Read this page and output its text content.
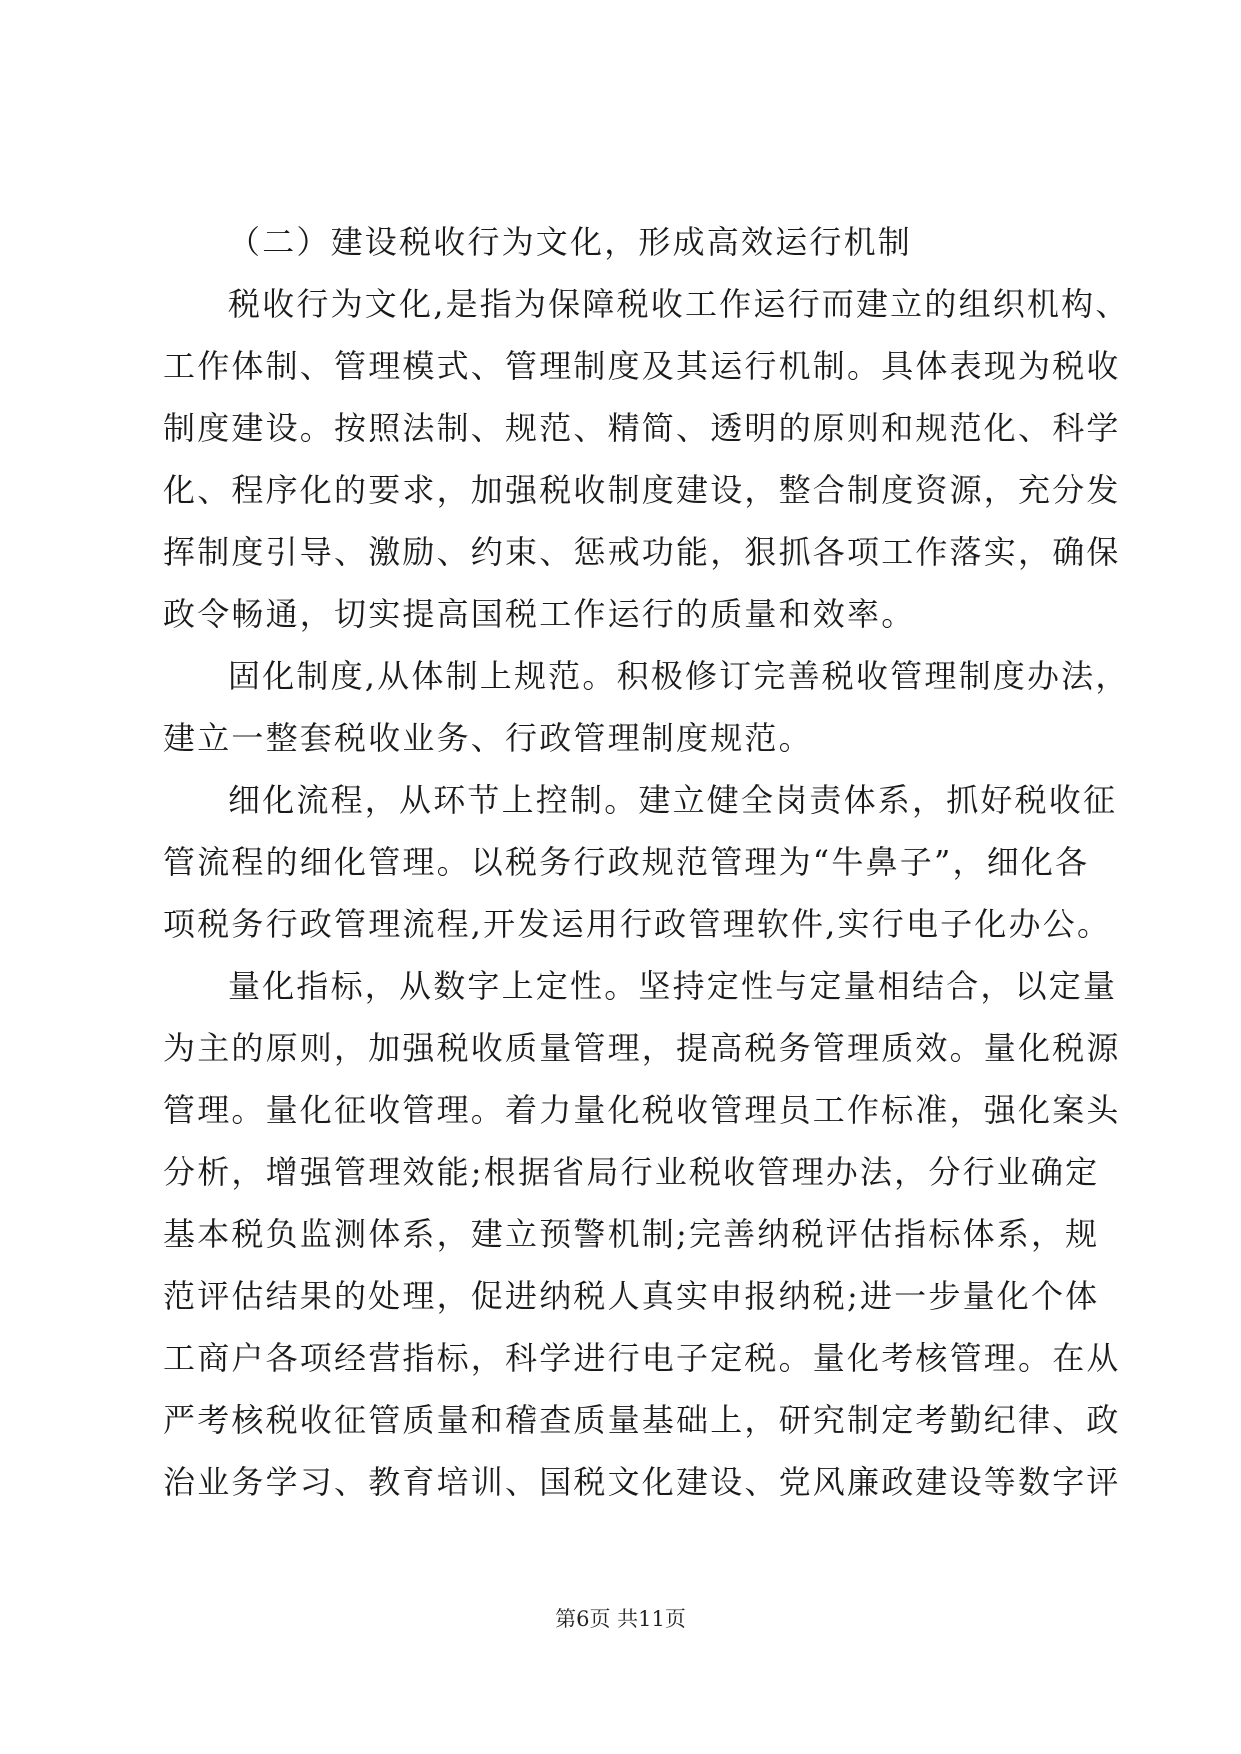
（二）建设税收行为文化，形成高效运行机制
税收行为文化,是指为保障税收工作运行而建立的组织机构、
工作体制、管理模式、管理制度及其运行机制。具体表现为税收
制度建设。按照法制、规范、精简、透明的原则和规范化、科学
化、程序化的要求，加强税收制度建设，整合制度资源，充分发
挥制度引导、激励、约束、惩戒功能，狠抓各项工作落实，确保
政令畅通，切实提高国税工作运行的质量和效率。
固化制度,从体制上规范。积极修订完善税收管理制度办法，
建立一整套税收业务、行政管理制度规范。
细化流程，从环节上控制。建立健全岗责体系，抓好税收征
管流程的细化管理。以税务行政规范管理为“牛鼻子”，细化各
项税务行政管理流程,开发运用行政管理软件,实行电子化办公。
量化指标，从数字上定性。坚持定性与定量相结合，以定量
为主的原则，加强税收质量管理，提高税务管理质效。量化税源
管理。量化征收管理。着力量化税收管理员工作标准，强化案头
分析，增强管理效能;根据省局行业税收管理办法，分行业确定
基本税负监测体系，建立预警机制;完善纳税评估指标体系，规
范评估结果的处理，促进纳税人真实申报纳税;进一步量化个体
工商户各项经营指标，科学进行电子定税。量化考核管理。在从
严考核税收征管质量和稽查质量基础上，研究制定考勤纪律、政
治业务学习、教育培训、国税文化建设、党风廉政建设等数字评
第6页 共11页
